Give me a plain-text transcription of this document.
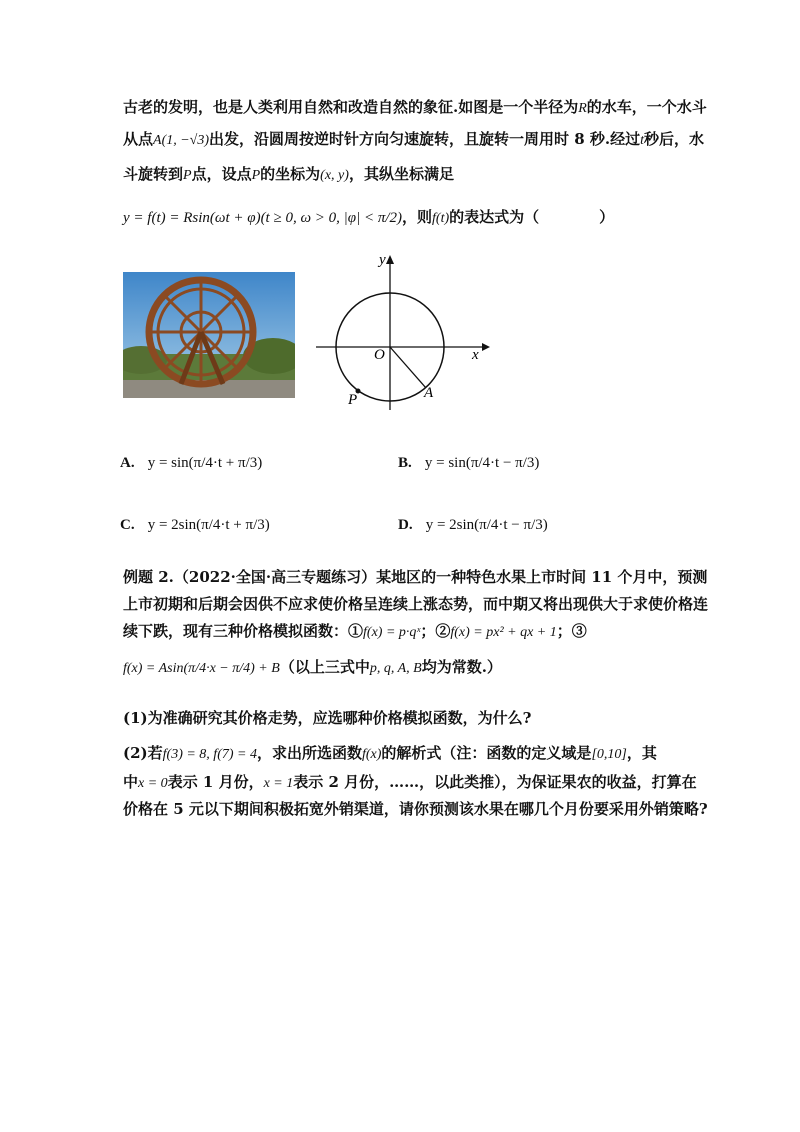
古老的发明，也是人类利用自然和改造自然的象征.如图是一个半径为R的水车，一个水斗
从点A(1, −√3)出发，沿圆周按逆时针方向匀速旋转，且旋转一周用时 8 秒.经过t秒后，水
斗旋转到P点，设点P的坐标为(x, y)，其纵坐标满足
y = f(t) = Rsin(ωt + φ)(t ≥ 0, ω > 0, |φ| < π/2)，则f(t)的表达式为（　　　　）
y
x
O
A
P
A. y = sin(π/4·t + π/3)	B. y = sin(π/4·t − π/3)
C. y = 2sin(π/4·t + π/3)	D. y = 2sin(π/4·t − π/3)
例题 2.（2022·全国·高三专题练习）某地区的一种特色水果上市时间 11 个月中，预测
上市初期和后期会因供不应求使价格呈连续上涨态势，而中期又将出现供大于求使价格连
续下跌，现有三种价格模拟函数：①f(x) = p·qˣ；②f(x) = px² + qx + 1；③
f(x) = Asin(π/4·x − π/4) + B（以上三式中p, q, A, B均为常数.）
(1)为准确研究其价格走势，应选哪种价格模拟函数，为什么?
(2)若f(3) = 8, f(7) = 4，求出所选函数f(x)的解析式（注：函数的定义域是[0,10]，其
中x = 0表示 1 月份，x = 1表示 2 月份，……，以此类推），为保证果农的收益，打算在
价格在 5 元以下期间积极拓宽外销渠道，请你预测该水果在哪几个月份要采用外销策略?
